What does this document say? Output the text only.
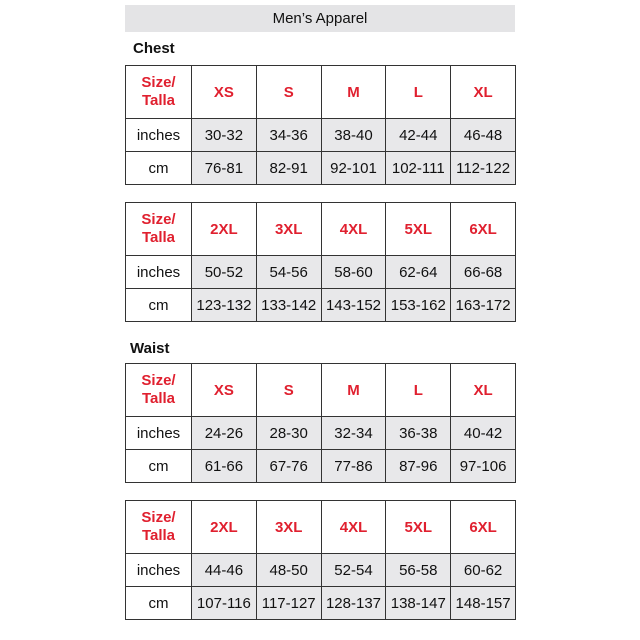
Men’s Apparel
Chest
Waist
Size/
Talla	XS	S	M	L	XL
inches	30-32	34-36	38-40	42-44	46-48
cm	76-81	82-91	92-101	102-111	112-122
Size/
Talla	2XL	3XL	4XL	5XL	6XL
inches	50-52	54-56	58-60	62-64	66-68
cm	123-132	133-142	143-152	153-162	163-172
Size/
Talla	XS	S	M	L	XL
inches	24-26	28-30	32-34	36-38	40-42
cm	61-66	67-76	77-86	87-96	97-106
Size/
Talla	2XL	3XL	4XL	5XL	6XL
inches	44-46	48-50	52-54	56-58	60-62
cm	107-116	117-127	128-137	138-147	148-157
